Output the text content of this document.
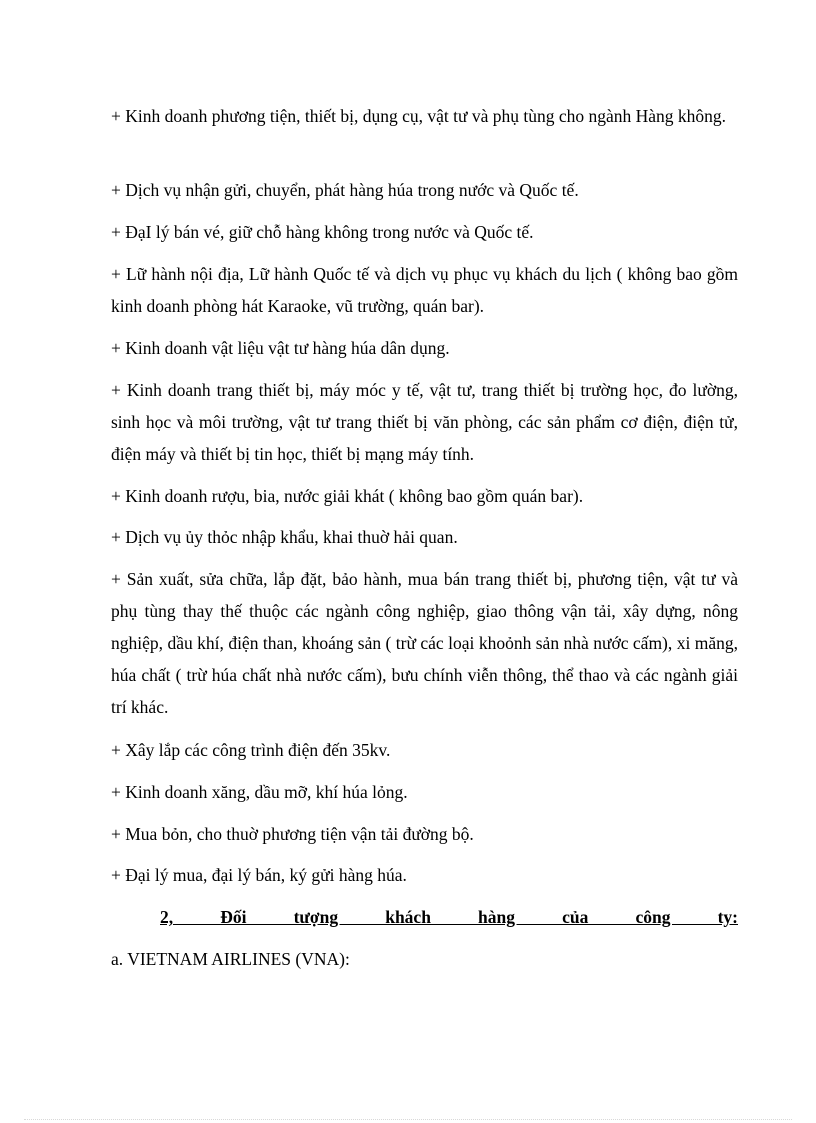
+ Kinh doanh phương tiện, thiết bị, dụng cụ, vật tư và phụ tùng cho ngành Hàng không.

+ Dịch vụ nhận gửi, chuyển, phát hàng húa trong nước và Quốc tế.

+ ĐạI lý bán vé, giữ chỗ hàng không trong nước và Quốc tế.

+ Lữ hành nội địa, Lữ hành Quốc tế và dịch vụ phục vụ khách du lịch ( không bao gồm kinh doanh phòng hát Karaoke, vũ trường, quán bar).

+ Kinh doanh vật liệu vật tư hàng húa dân dụng.

+ Kinh doanh trang thiết bị, máy móc y tế, vật tư, trang thiết bị trường học, đo lường, sinh học và môi trường, vật tư trang thiết bị văn phòng, các sản phẩm cơ điện, điện tử, điện máy và thiết bị tin học, thiết bị mạng máy tính.

+ Kinh doanh rượu, bia, nước giải khát ( không bao gồm quán bar).

+ Dịch vụ ủy thỏc nhập khẩu, khai thuờ hải quan.

+ Sản xuất, sửa chữa, lắp đặt, bảo hành, mua bán trang thiết bị, phương tiện, vật tư và phụ tùng thay thế thuộc các ngành công nghiệp, giao thông vận tải, xây dựng, nông nghiệp, dầu khí, điện than, khoáng sản ( trừ các loại khoỏnh sản nhà nước cấm), xi măng, húa chất ( trừ húa chất nhà nước cấm), bưu chính viễn thông, thể thao và các ngành giải trí khác.

+ Xây lắp các công trình điện đến 35kv.

+ Kinh doanh xăng, dầu mỡ, khí húa lỏng.

+ Mua bỏn, cho thuờ phương tiện vận tải đường bộ.

+ Đại lý mua, đại lý bán, ký gửi hàng húa.

2, Đối tượng khách hàng của công ty:

a. VIETNAM AIRLINES (VNA):
